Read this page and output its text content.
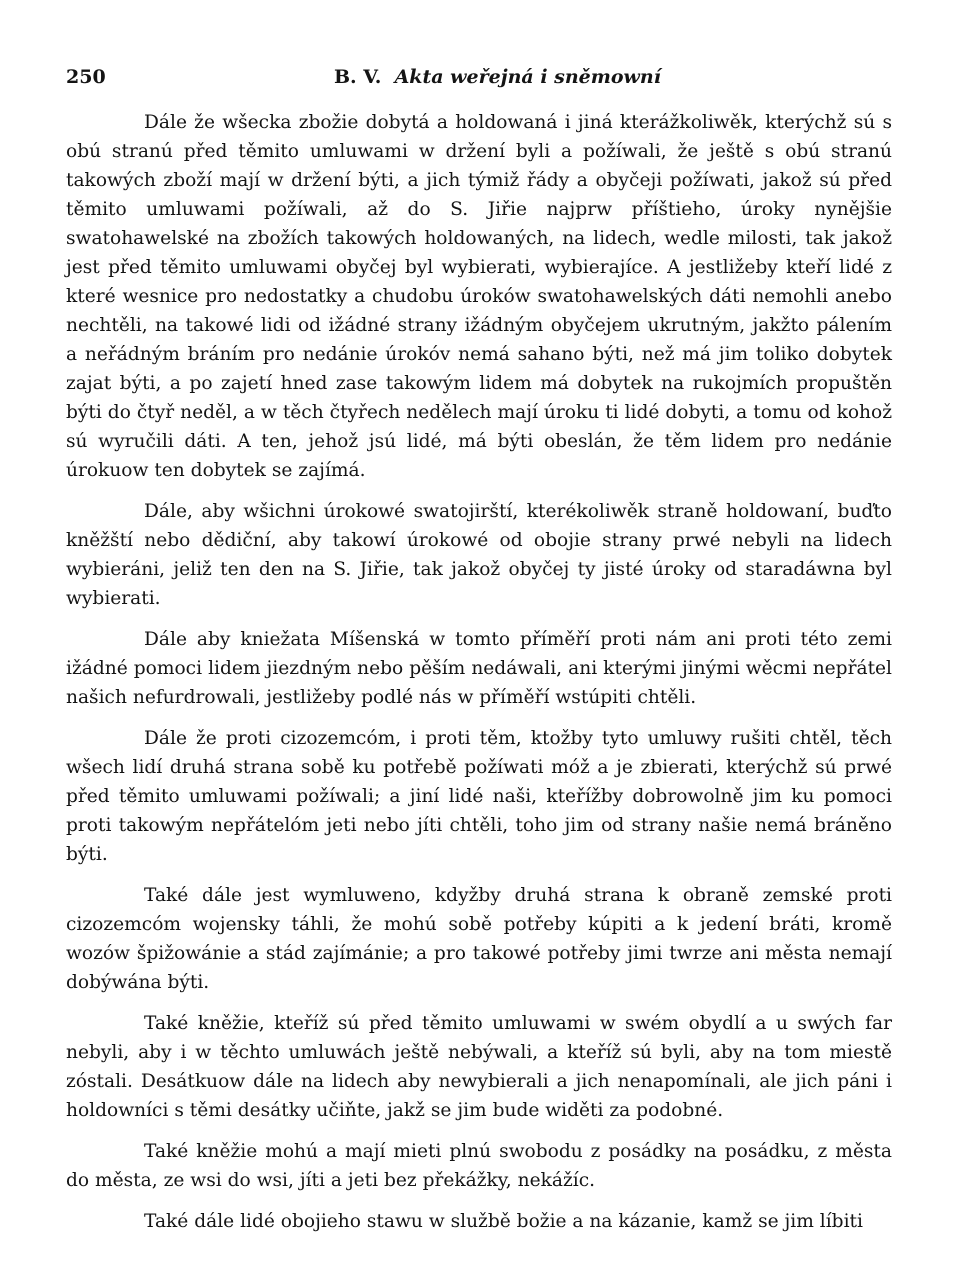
250	B. V. Akta weřejná i sněmowní

Dále že wšecka zbožie dobytá a holdowaná i jiná kterážkoliwěk, kterýchž sú s obú stranú před těmito umluwami w držení byli a požíwali, že ještě s obú stranú takowých zboží mají w držení býti, a jich týmiž řády a obyčeji požíwati, jakož sú před těmito umluwami požíwali, až do S. Jiřie najprw příštieho, úroky nynějšie swatohawelské na zbožích takowých holdowaných, na lidech, wedle milosti, tak jakož jest před těmito umluwami obyčej byl wybierati, wybierajíce. A jestližeby kteří lidé z které wesnice pro nedostatky a chudobu úroków swatohawelských dáti nemohli anebo nechtěli, na takowé lidi od ižádné strany ižádným obyčejem ukrutným, jakžto pálením a neřádným bráním pro nedánie úrokóv nemá sahano býti, než má jim toliko dobytek zajat býti, a po zajetí hned zase takowým lidem má dobytek na rukojmích propuštěn býti do čtyř neděl, a w těch čtyřech nedělech mají úroku ti lidé dobyti, a tomu od kohož sú wyručili dáti. A ten, jehož jsú lidé, má býti obeslán, že těm lidem pro nedánie úrokuow ten dobytek se zajímá.

Dále, aby wšichni úrokowé swatojirští, kterékoliwěk straně holdowaní, buďto kněžští nebo dědiční, aby takowí úrokowé od obojie strany prwé nebyli na lidech wybieráni, jeliž ten den na S. Jiřie, tak jakož obyčej ty jisté úroky od staradáwna byl wybierati.

Dále aby kniežata Míšenská w tomto příměří proti nám ani proti této zemi ižádné pomoci lidem jiezdným nebo pěším nedáwali, ani kterými jinými wěcmi nepřátel našich nefurdrowali, jestližeby podlé nás w příměří wstúpiti chtěli.

Dále že proti cizozemcóm, i proti těm, ktožby tyto umluwy rušiti chtěl, těch wšech lidí druhá strana sobě ku potřebě požíwati móž a je zbierati, kterýchž sú prwé před těmito umluwami požíwali; a jiní lidé naši, kteřížby dobrowolně jim ku pomoci proti takowým nepřátelóm jeti nebo jíti chtěli, toho jim od strany našie nemá bráněno býti.

Také dále jest wymluweno, kdyžby druhá strana k obraně zemské proti cizozemcóm wojensky táhli, že mohú sobě potřeby kúpiti a k jedení bráti, kromě wozów špižowánie a stád zajímánie; a pro takowé potřeby jimi twrze ani města nemají dobýwána býti.

Také kněžie, kteříž sú před těmito umluwami w swém obydlí a u swých far nebyli, aby i w těchto umluwách ještě nebýwali, a kteříž sú byli, aby na tom miestě zóstali. Desátkuow dále na lidech aby newybierali a jich nenapomínali, ale jich páni i holdowníci s těmi desátky učiňte, jakž se jim bude widěti za podobné.

Také kněžie mohú a mají mieti plnú swobodu z posádky na posádku, z města do města, ze wsi do wsi, jíti a jeti bez překážky, nekážíc.

Také dále lidé obojieho stawu w službě božie a na kázanie, kamž se jim líbiti
